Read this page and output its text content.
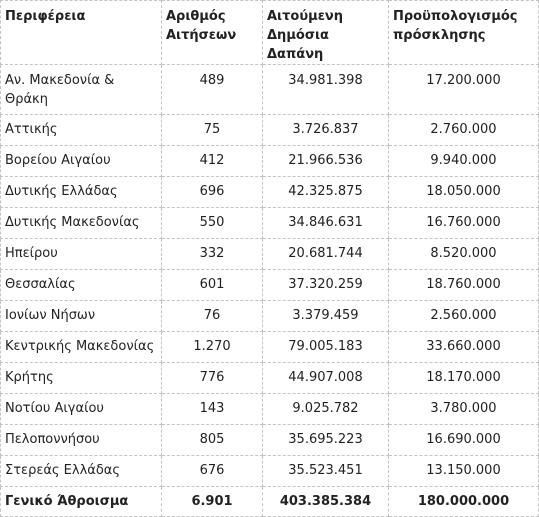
Περιφέρεια	Αριθμός Αιτήσεων	Αιτούμενη Δημόσια Δαπάνη	Προϋπολογισμός πρόσκλησης
Αν. Μακεδονία & Θράκη	489	34.981.398	17.200.000
Αττικής	75	3.726.837	2.760.000
Βορείου Αιγαίου	412	21.966.536	9.940.000
Δυτικής Ελλάδας	696	42.325.875	18.050.000
Δυτικής Μακεδονίας	550	34.846.631	16.760.000
Ηπείρου	332	20.681.744	8.520.000
Θεσσαλίας	601	37.320.259	18.760.000
Ιονίων Νήσων	76	3.379.459	2.560.000
Κεντρικής Μακεδονίας	1.270	79.005.183	33.660.000
Κρήτης	776	44.907.008	18.170.000
Νοτίου Αιγαίου	143	9.025.782	3.780.000
Πελοποννήσου	805	35.695.223	16.690.000
Στερεάς Ελλάδας	676	35.523.451	13.150.000
Γενικό Άθροισμα	6.901	403.385.384	180.000.000
